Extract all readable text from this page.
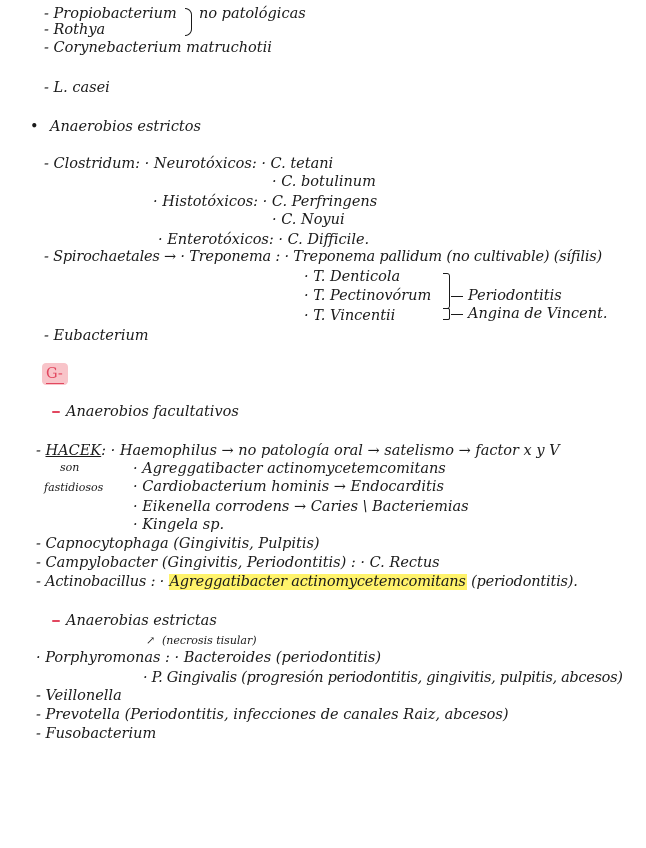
- Propiobacterium no patológicas
- Rothya
- Corynebacterium matruchotii
- L. casei
• Anaerobios estrictos
- Clostridum: · Neurotóxicos: · C. tetani
· C. botulinum
· Histotóxicos: · C. Perfringens
· C. Noyui
· Enterotóxicos: · C. Difficile.
- Spirochaetales → · Treponema : · Treponema pallidum (no cultivable) (sífilis)
· T. Denticola
· T. Pectinovórum	Periodontitis
· T. Vincentii	Angina de Vincent.
- Eubacterium
G-
Anaerobios facultativos
- HACEK: · Haemophilus → no patología oral → satelismo → factor x y V
son	· Agreggatibacter actinomycetemcomitans
fastidiosos · Cardiobacterium hominis → Endocarditis
· Eikenella corrodens → Caries \ Bacteriemias
· Kingela sp.
- Capnocytophaga (Gingivitis, Pulpitis)
- Campylobacter (Gingivitis, Periodontitis) : · C. Rectus
- Actinobacillus : · Agreggatibacter actinomycetemcomitans (periodontitis).
Anaerobias estrictas
↗ (necrosis tisular)
· Porphyromonas : · Bacteroides (periodontitis)
· P. Gingivalis (progresión periodontitis, gingivitis, pulpitis, abcesos)
- Veillonella
- Prevotella (Periodontitis, infecciones de canales Raiz, abcesos)
- Fusobacterium
